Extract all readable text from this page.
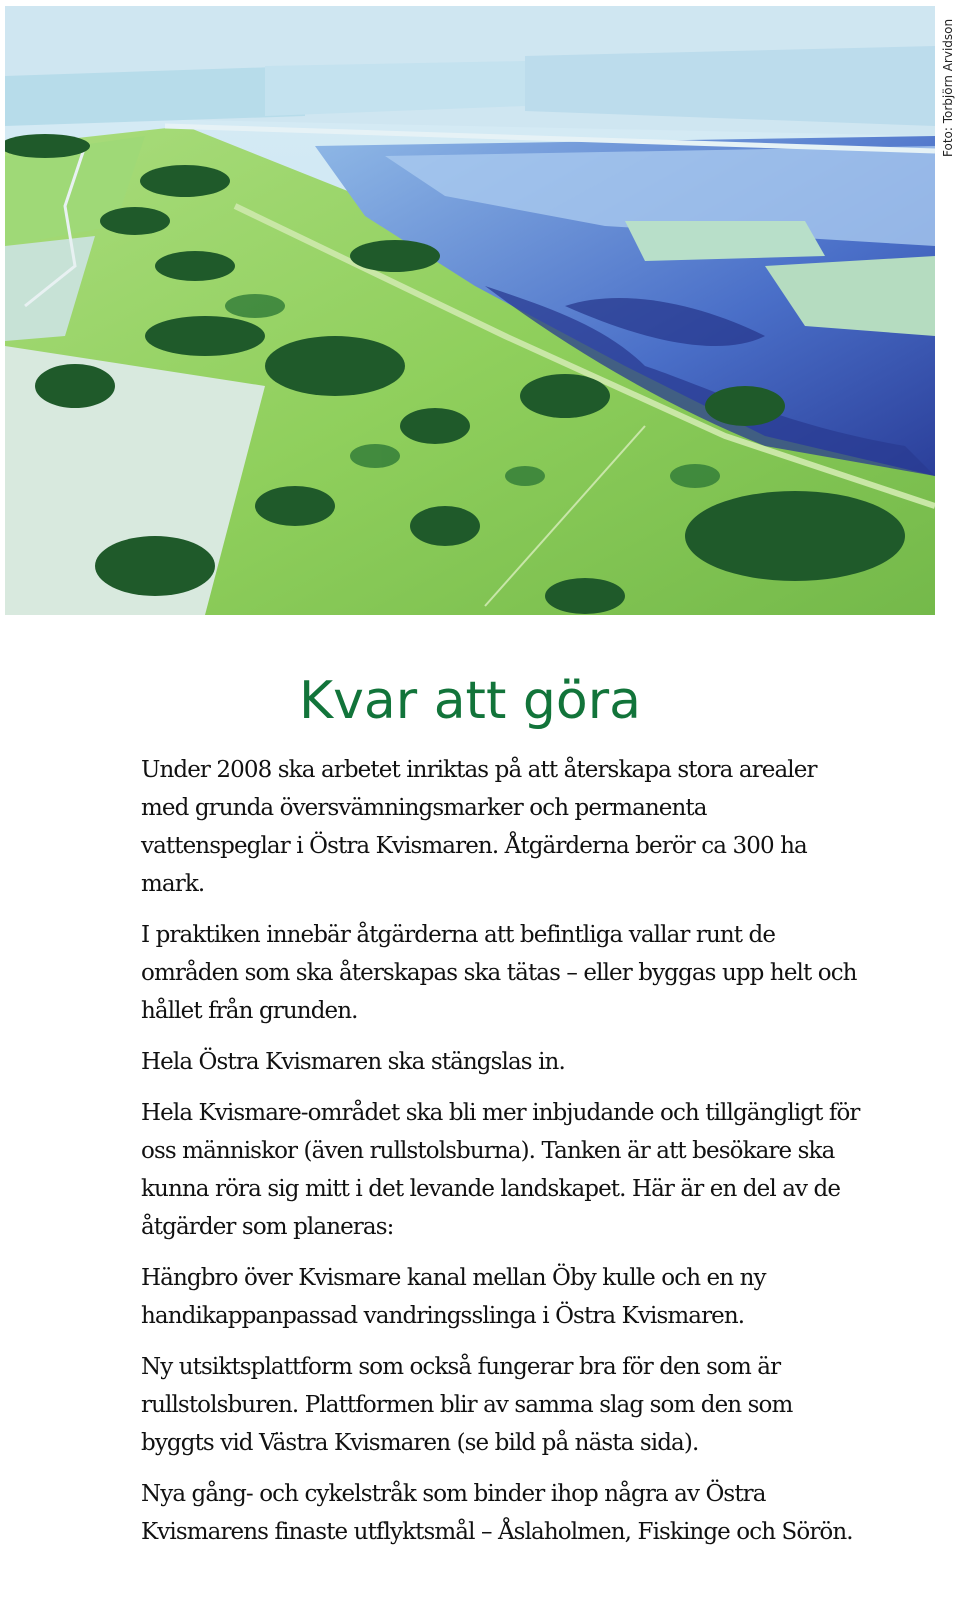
Foto: Torbjörn Arvidson
Kvar att göra

Under 2008 ska arbetet inriktas på att återskapa stora arealer med grunda översvämningsmarker och permanenta vattenspeglar i Östra Kvismaren. Åtgärderna berör ca 300 ha mark.

I praktiken innebär åtgärderna att befintliga vallar runt de områden som ska återskapas ska tätas – eller byggas upp helt och hållet från grunden.

Hela Östra Kvismaren ska stängslas in.

Hela Kvismare-området ska bli mer inbjudande och tillgängligt för oss människor (även rullstolsburna). Tanken är att besökare ska kunna röra sig mitt i det levande landskapet. Här är en del av de åtgärder som planeras:

Hängbro över Kvismare kanal mellan Öby kulle och en ny handikappanpassad vandringsslinga i Östra Kvismaren.

Ny utsiktsplattform som också fungerar bra för den som är rullstolsburen. Plattformen blir av samma slag som den som byggts vid Västra Kvismaren (se bild på nästa sida).

Nya gång- och cykelstråk som binder ihop några av Östra Kvismarens finaste utflyktsmål – Åslaholmen, Fiskinge och Sörön.
